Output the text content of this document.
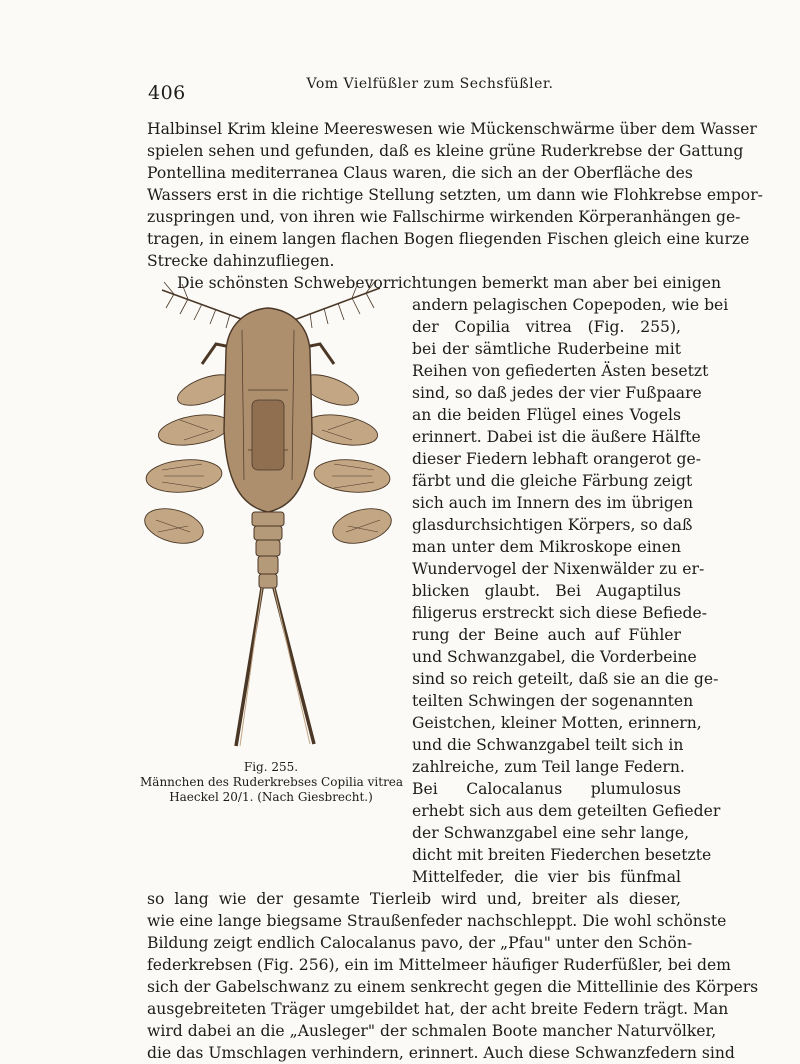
406	Vom Vielfüßler zum Sechsfüßler.
Halbinsel Krim kleine Meereswesen wie Mückenschwärme über dem Wasser
spielen sehen und gefunden, daß es kleine grüne Ruderkrebse der Gattung
Pontellina mediterranea Claus waren, die sich an der Oberfläche des
Wassers erst in die richtige Stellung setzten, um dann wie Flohkrebse empor-
zuspringen und, von ihren wie Fallschirme wirkenden Körperanhängen ge-
tragen, in einem langen flachen Bogen fliegenden Fischen gleich eine kurze
Strecke dahinzufliegen.
Die schönsten Schwebevorrichtungen bemerkt man aber bei einigen
andern pelagischen Copepoden, wie bei
der Copilia vitrea (Fig. 255),
bei der sämtliche Ruderbeine mit
Reihen von gefiederten Ästen besetzt
sind, so daß jedes der vier Fußpaare
an die beiden Flügel eines Vogels
erinnert. Dabei ist die äußere Hälfte
dieser Fiedern lebhaft orangerot ge-
färbt und die gleiche Färbung zeigt
sich auch im Innern des im übrigen
glasdurchsichtigen Körpers, so daß
man unter dem Mikroskope einen
Wundervogel der Nixenwälder zu er-
blicken glaubt. Bei Augaptilus
filigerus erstreckt sich diese Befiede-
rung der Beine auch auf Fühler
und Schwanzgabel, die Vorderbeine
sind so reich geteilt, daß sie an die ge-
teilten Schwingen der sogenannten
Geistchen, kleiner Motten, erinnern,
und die Schwanzgabel teilt sich in
zahlreiche, zum Teil lange Federn.
Bei Calocalanus plumulosus
erhebt sich aus dem geteilten Gefieder
der Schwanzgabel eine sehr lange,
dicht mit breiten Fiederchen besetzte
Mittelfeder, die vier bis fünfmal
so lang wie der gesamte Tierleib wird und, breiter als dieser,
wie eine lange biegsame Straußenfeder nachschleppt. Die wohl schönste
Bildung zeigt endlich Calocalanus pavo, der „Pfau" unter den Schön-
federkrebsen (Fig. 256), ein im Mittelmeer häufiger Ruderfüßler, bei dem
sich der Gabelschwanz zu einem senkrecht gegen die Mittellinie des Körpers
ausgebreiteten Träger umgebildet hat, der acht breite Federn trägt. Man
wird dabei an die „Ausleger" der schmalen Boote mancher Naturvölker,
die das Umschlagen verhindern, erinnert. Auch diese Schwanzfedern sind
Fig. 255.
Männchen des Ruderkrebses Copilia vitrea
Haeckel 20/1. (Nach Giesbrecht.)
